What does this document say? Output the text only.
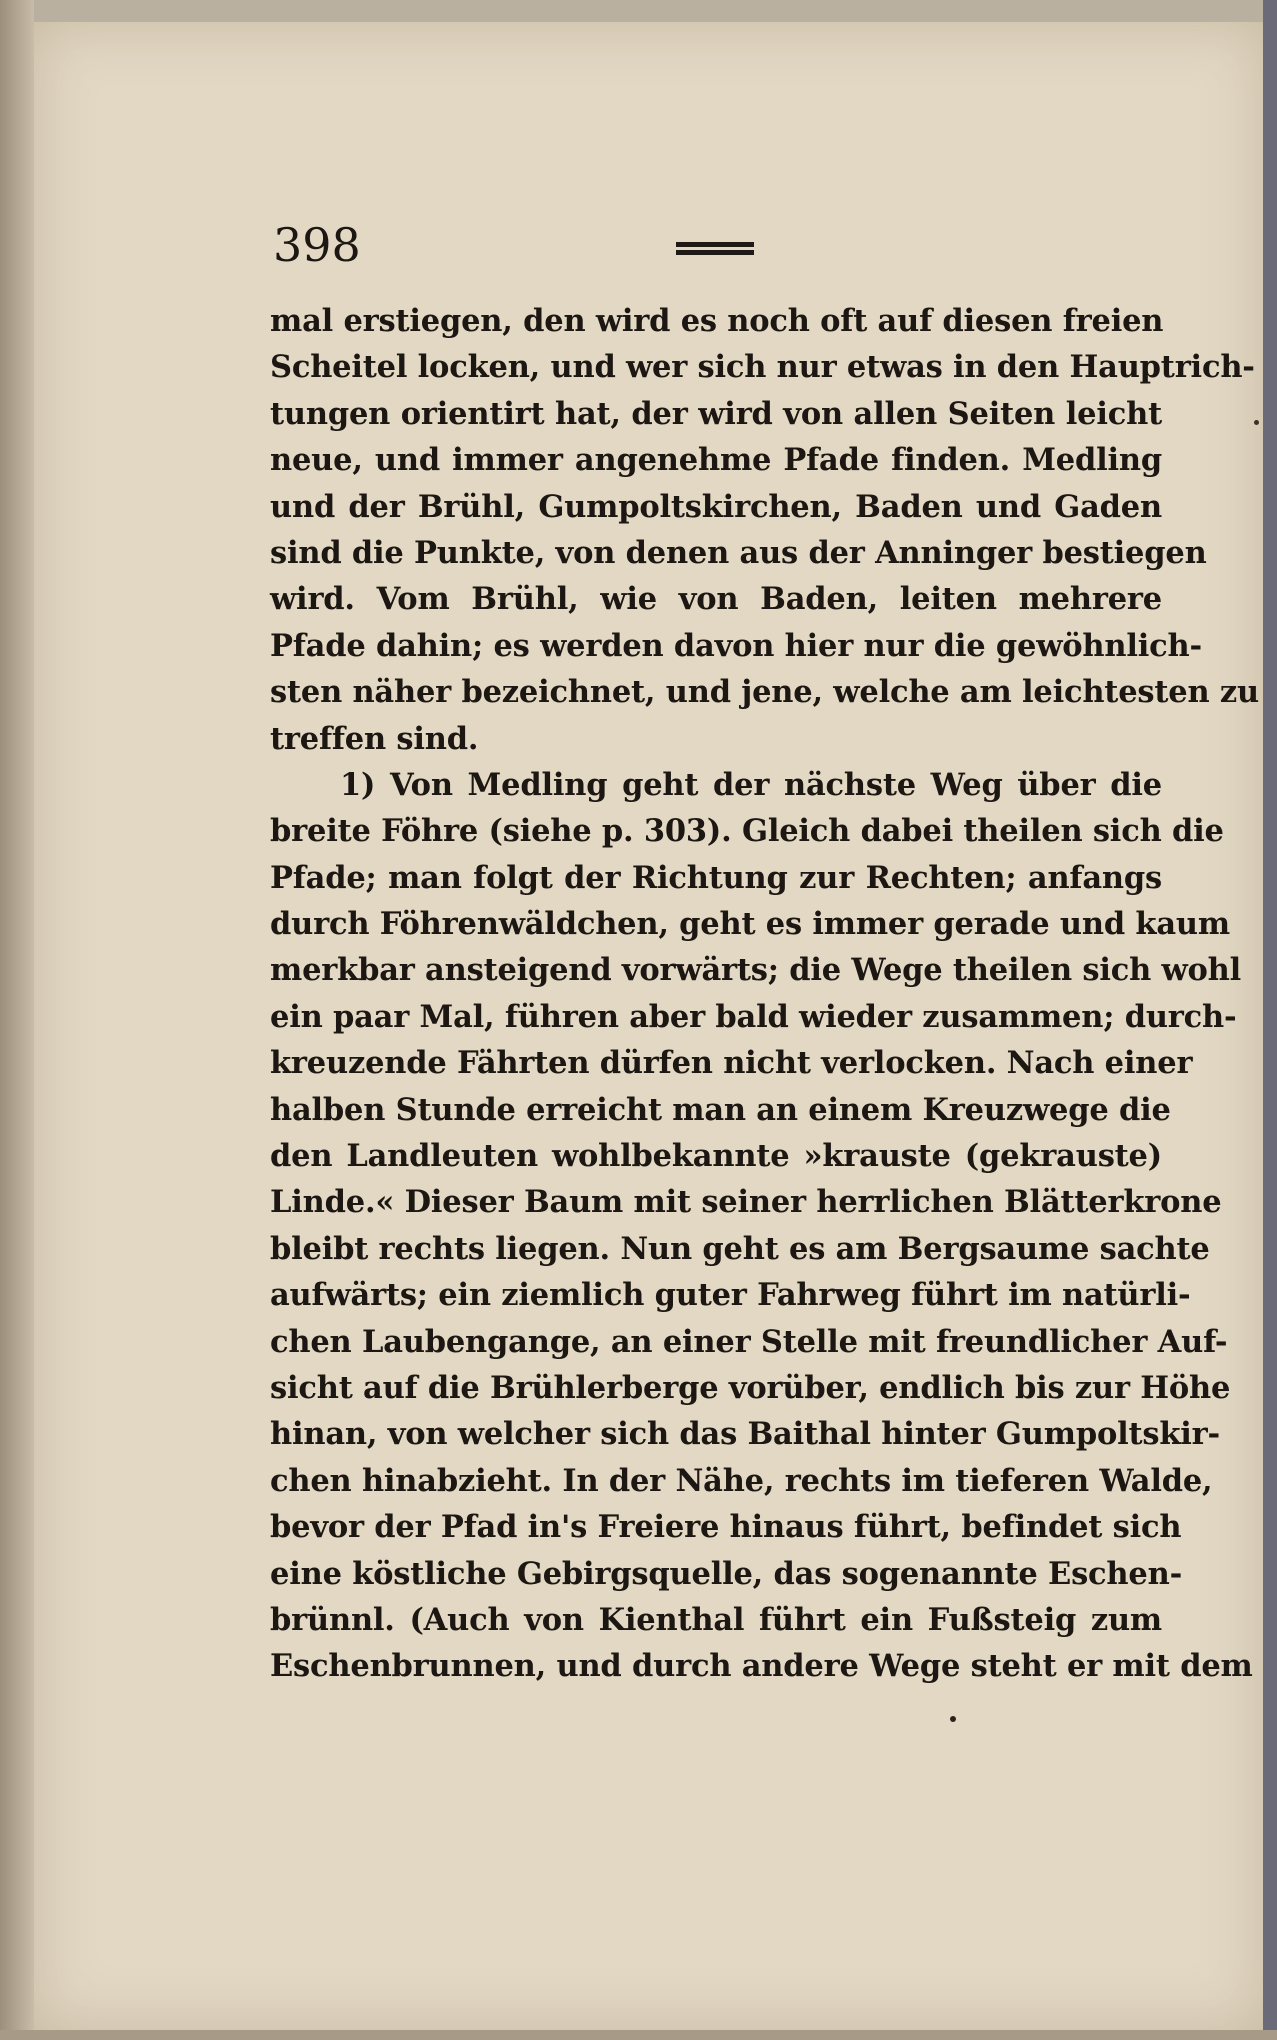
398
mal erstiegen, den wird es noch oft auf diesen freien
Scheitel locken, und wer sich nur etwas in den Hauptrich-
tungen orientirt hat, der wird von allen Seiten leicht
neue, und immer angenehme Pfade finden. Medling
und der Brühl, Gumpoltskirchen, Baden und Gaden
sind die Punkte, von denen aus der Anninger bestiegen
wird. Vom Brühl, wie von Baden, leiten mehrere
Pfade dahin; es werden davon hier nur die gewöhnlich-
sten näher bezeichnet, und jene, welche am leichtesten zu
treffen sind.
1) Von Medling geht der nächste Weg über die
breite Föhre (siehe p. 303). Gleich dabei theilen sich die
Pfade; man folgt der Richtung zur Rechten; anfangs
durch Föhrenwäldchen, geht es immer gerade und kaum
merkbar ansteigend vorwärts; die Wege theilen sich wohl
ein paar Mal, führen aber bald wieder zusammen; durch-
kreuzende Fährten dürfen nicht verlocken. Nach einer
halben Stunde erreicht man an einem Kreuzwege die
den Landleuten wohlbekannte »krauste (gekrauste)
Linde.« Dieser Baum mit seiner herrlichen Blätterkrone
bleibt rechts liegen. Nun geht es am Bergsaume sachte
aufwärts; ein ziemlich guter Fahrweg führt im natürli-
chen Laubengange, an einer Stelle mit freundlicher Auf-
sicht auf die Brühlerberge vorüber, endlich bis zur Höhe
hinan, von welcher sich das Baithal hinter Gumpoltskir-
chen hinabzieht. In der Nähe, rechts im tieferen Walde,
bevor der Pfad in's Freiere hinaus führt, befindet sich
eine köstliche Gebirgsquelle, das sogenannte Eschen-
brünnl. (Auch von Kienthal führt ein Fußsteig zum
Eschenbrunnen, und durch andere Wege steht er mit dem
